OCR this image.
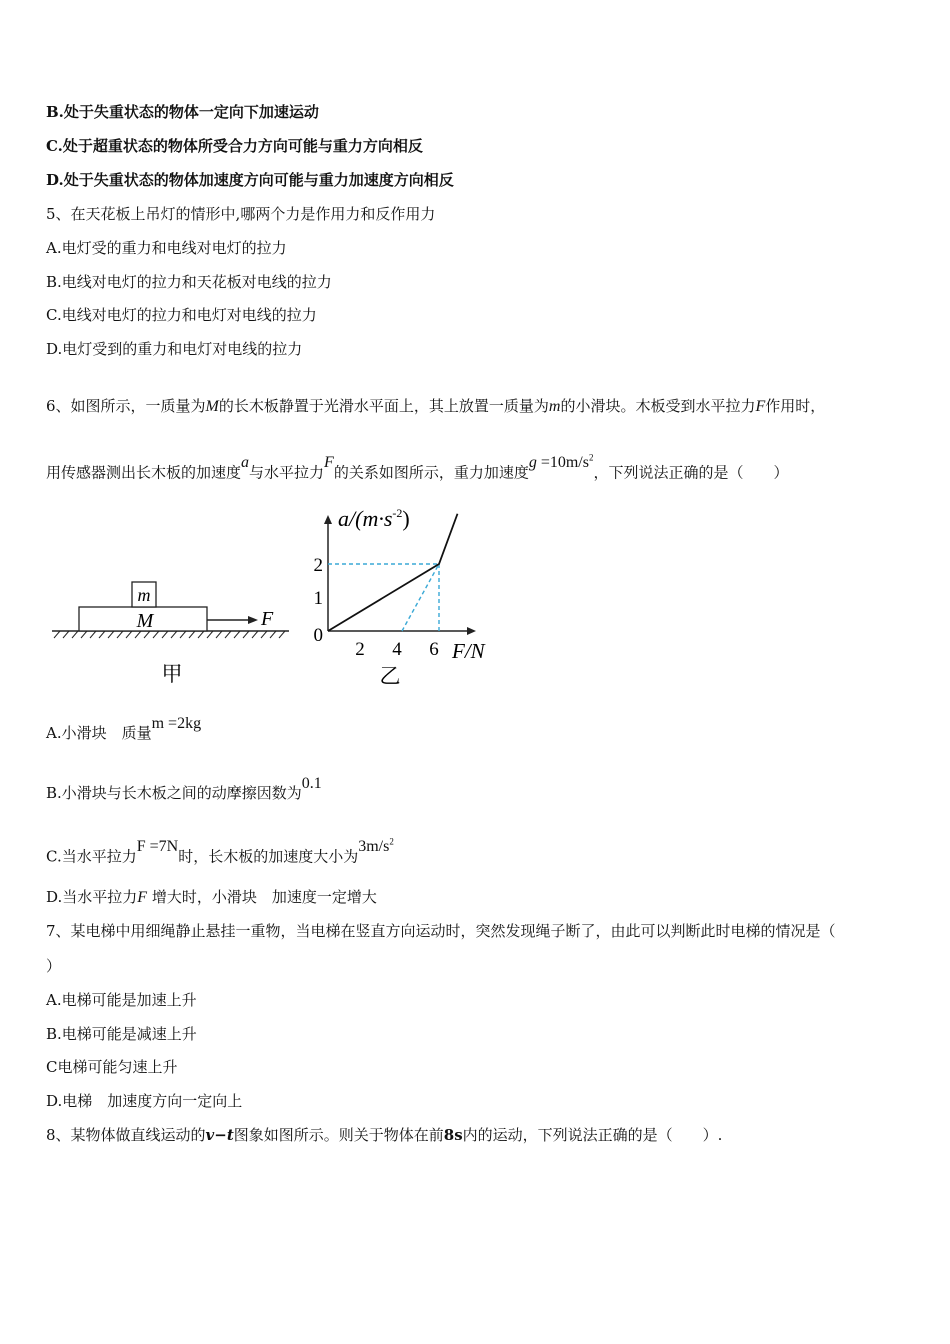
B.处于失重状态的物体一定向下加速运动
C.处于超重状态的物体所受合力方向可能与重力方向相反
D.处于失重状态的物体加速度方向可能与重力加速度方向相反
5、在天花板上吊灯的情形中,哪两个力是作用力和反作用力
A.电灯受的重力和电线对电灯的拉力
B.电线对电灯的拉力和天花板对电线的拉力
C.电线对电灯的拉力和电灯对电线的拉力
D.电灯受到的重力和电灯对电线的拉力
6、如图所示，一质量为M的长木板静置于光滑水平面上，其上放置一质量为m的小滑块。木板受到水平拉力F作用时，
用传感器测出长木板的加速度a与水平拉力F的关系如图所示，重力加速度$g =10m/s^2$，下列说法正确的是（　　）
m
M	F
甲
$a/(m\cdot s^{-2})$
F/N
2
1
0
2 4 6
乙
A.小滑块　质量m =2kg
B.小滑块与长木板之间的动摩擦因数为0.1
C.当水平拉力F =7N时，长木板的加速度大小为$3m/s^2$
D.当水平拉力F 增大时，小滑块　加速度一定增大
7、某电梯中用细绳静止悬挂一重物，当电梯在竖直方向运动时，突然发现绳子断了，由此可以判断此时电梯的情况是（
）
A.电梯可能是加速上升
B.电梯可能是减速上升
C电梯可能匀速上升
D.电梯　加速度方向一定向上
8、某物体做直线运动的v−t图象如图所示。则关于物体在前8s内的运动，下列说法正确的是（　　）.
